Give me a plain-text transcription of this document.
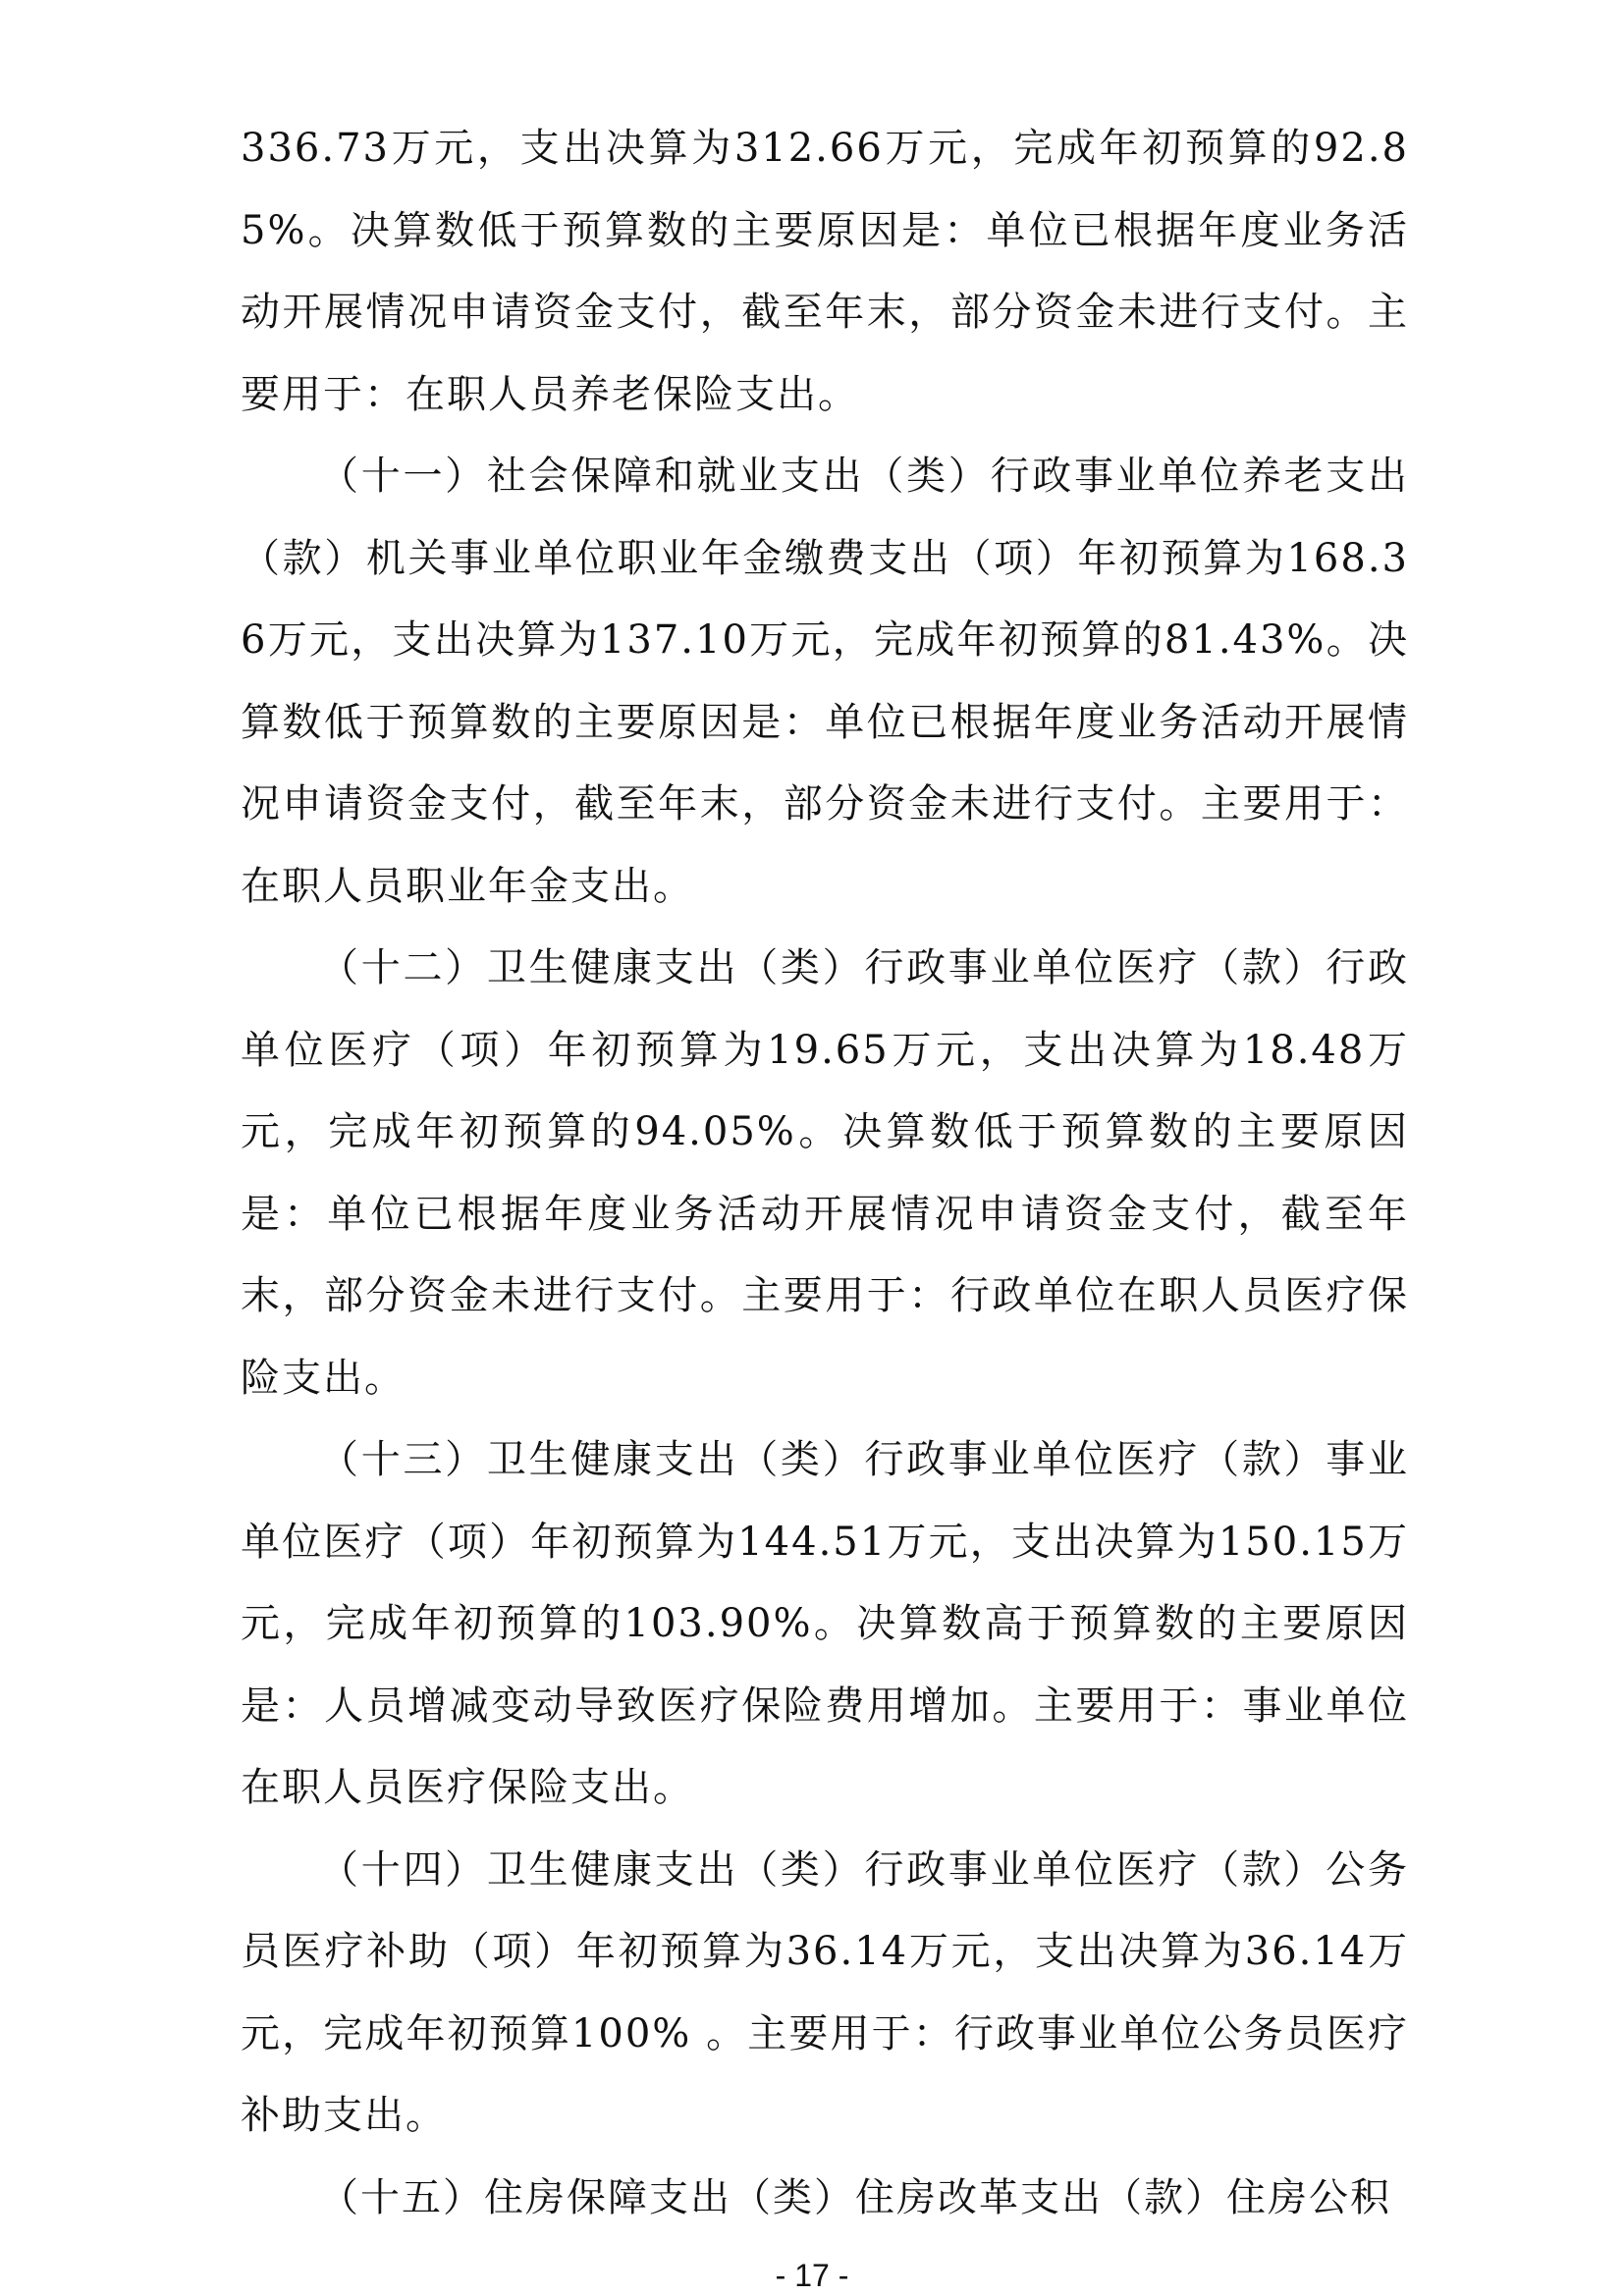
336.73万元，支出决算为312.66万元，完成年初预算的92.85%。决算数低于预算数的主要原因是：单位已根据年度业务活动开展情况申请资金支付，截至年末，部分资金未进行支付。主要用于：在职人员养老保险支出。

（十一）社会保障和就业支出（类）行政事业单位养老支出（款）机关事业单位职业年金缴费支出（项）年初预算为168.36万元，支出决算为137.10万元，完成年初预算的81.43%。决算数低于预算数的主要原因是：单位已根据年度业务活动开展情况申请资金支付，截至年末，部分资金未进行支付。主要用于：在职人员职业年金支出。

（十二）卫生健康支出（类）行政事业单位医疗（款）行政单位医疗（项）年初预算为19.65万元，支出决算为18.48万元，完成年初预算的94.05%。决算数低于预算数的主要原因是：单位已根据年度业务活动开展情况申请资金支付，截至年末，部分资金未进行支付。主要用于：行政单位在职人员医疗保险支出。

（十三）卫生健康支出（类）行政事业单位医疗（款）事业单位医疗（项）年初预算为144.51万元，支出决算为150.15万元，完成年初预算的103.90%。决算数高于预算数的主要原因是：人员增减变动导致医疗保险费用增加。主要用于：事业单位在职人员医疗保险支出。

（十四）卫生健康支出（类）行政事业单位医疗（款）公务员医疗补助（项）年初预算为36.14万元，支出决算为36.14万元，完成年初预算100% 。主要用于：行政事业单位公务员医疗补助支出。

（十五）住房保障支出（类）住房改革支出（款）住房公积

- 17 -
